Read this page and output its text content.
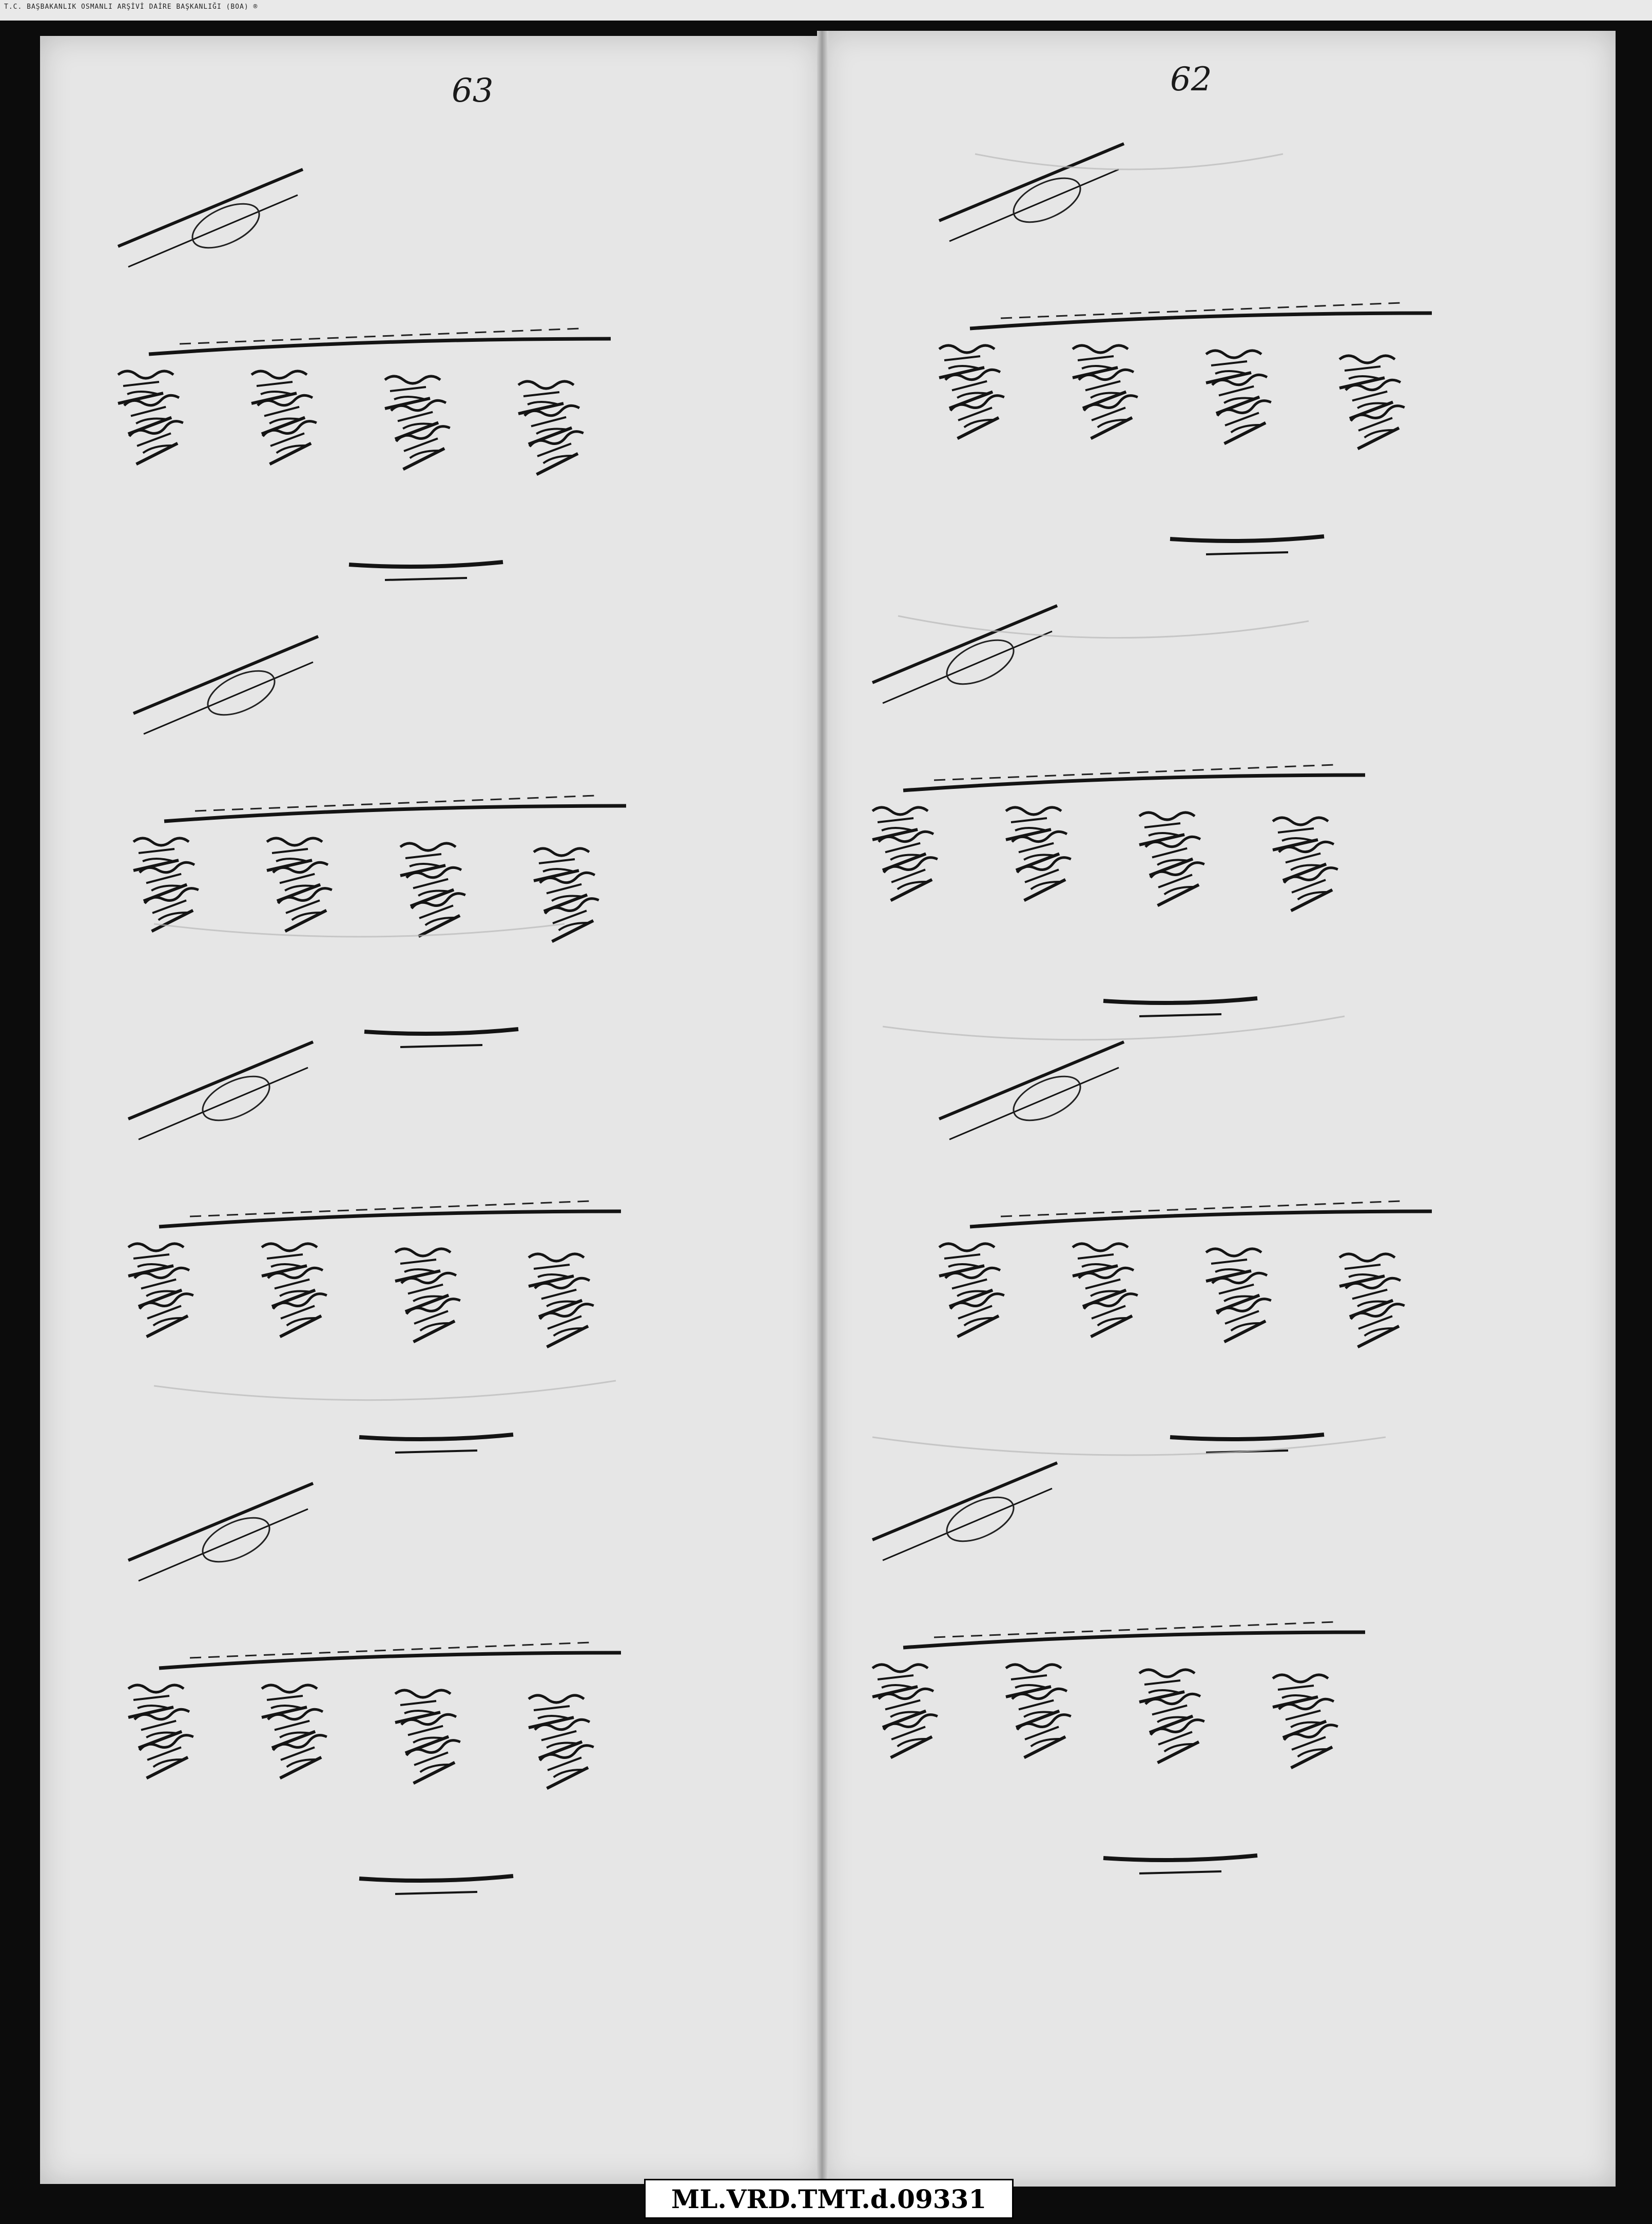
T.C. BAŞBAKANLIK OSMANLI ARŞİVİ DAİRE BAŞKANLIĞI (BOA) ®
63	62
ML.VRD.TMT.d.09331
